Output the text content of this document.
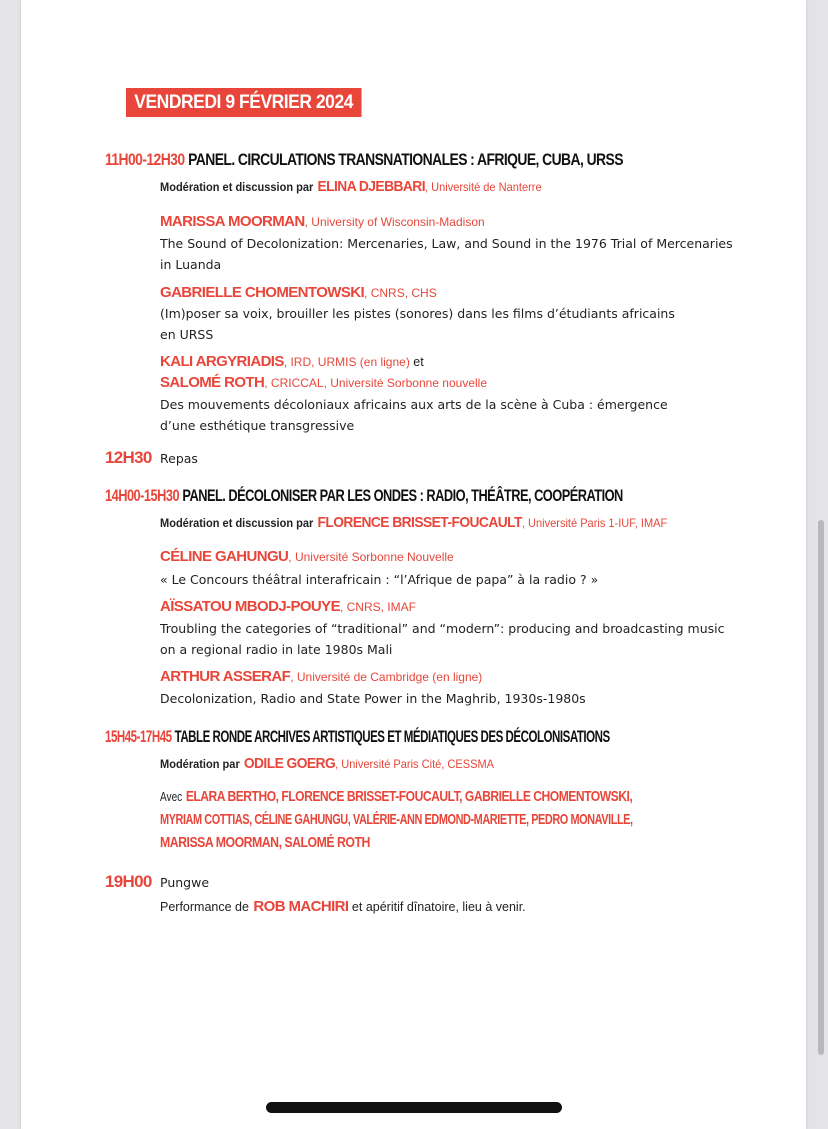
VENDREDI 9 FÉVRIER 2024
11H00-12H30 PANEL. CIRCULATIONS TRANSNATIONALES : AFRIQUE, CUBA, URSS
Modération et discussion par ELINA DJEBBARI, Université de Nanterre
MARISSA MOORMAN, University of Wisconsin-Madison
The Sound of Decolonization: Mercenaries, Law, and Sound in the 1976 Trial of Mercenaries
in Luanda
GABRIELLE CHOMENTOWSKI, CNRS, CHS
(Im)poser sa voix, brouiller les pistes (sonores) dans les films d’étudiants africains
en URSS
KALI ARGYRIADIS, IRD, URMIS (en ligne) et
SALOMÉ ROTH, CRICCAL, Université Sorbonne nouvelle
Des mouvements décoloniaux africains aux arts de la scène à Cuba : émergence
d’une esthétique transgressive
12H30 Repas
14H00-15H30 PANEL. DÉCOLONISER PAR LES ONDES : RADIO, THÉÂTRE, COOPÉRATION
Modération et discussion par FLORENCE BRISSET-FOUCAULT, Université Paris 1-IUF, IMAF
CÉLINE GAHUNGU, Université Sorbonne Nouvelle
« Le Concours théâtral interafricain : “l’Afrique de papa” à la radio ? »
AÏSSATOU MBODJ-POUYE, CNRS, IMAF
Troubling the categories of “traditional” and “modern”: producing and broadcasting music
on a regional radio in late 1980s Mali
ARTHUR ASSERAF, Université de Cambridge (en ligne)
Decolonization, Radio and State Power in the Maghrib, 1930s-1980s
15H45-17H45 TABLE RONDE ARCHIVES ARTISTIQUES ET MÉDIATIQUES DES DÉCOLONISATIONS
Modération par ODILE GOERG, Université Paris Cité, CESSMA
Avec ELARA BERTHO, FLORENCE BRISSET-FOUCAULT, GABRIELLE CHOMENTOWSKI,
MYRIAM COTTIAS, CÉLINE GAHUNGU, VALÉRIE-ANN EDMOND-MARIETTE, PEDRO MONAVILLE,
MARISSA MOORMAN, SALOMÉ ROTH
19H00 Pungwe
Performance de ROB MACHIRI et apéritif dînatoire, lieu à venir.
